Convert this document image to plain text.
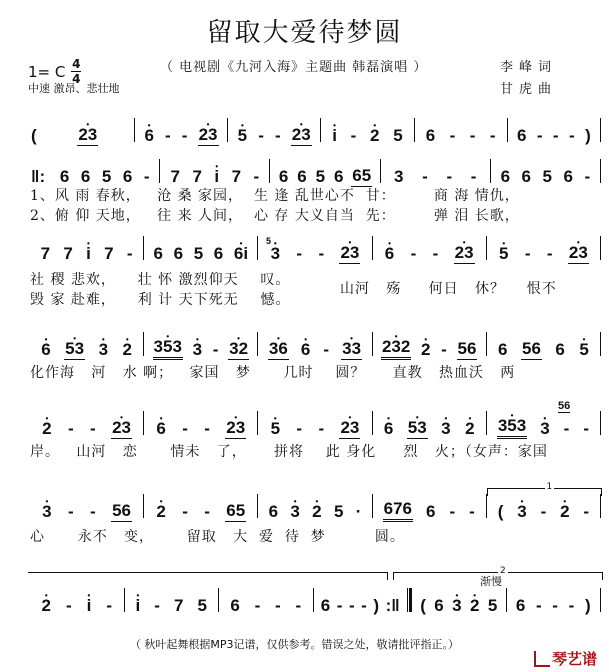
留取大爱待梦圆
1= C $\frac{4}{4}$
中速 激昂、悲壮地
（ 电视剧《九河入海》主题曲 韩磊演唱 ）	李峰词
甘虎曲
( • 23	• 6 - - • 23 • 5 - - • 23 • i - • 2 5 6 - - - 6 - - - )
‖: 6 6 5 6 - 7 7 • i 7 - 6 6 5 6 65 3 - - - 6 6 5 6 -
1、风 雨 春秋，   沧 桑 家园，  生 逢 乱世心不  甘：       商 海 情仇，
2、俯 仰 天地，   往 来 人间，  心 存 大义自当  先：       弹 泪 长歌，
7 7 • i 7 - 6 6 5 6 • 6i • 3 - - • 23 • 6 - - • 23 • 5 - - • 23
5
社 稷 悲欢，    壮 怀 激烈仰天    叹。
毁 家 赴难，    利 计 天下死无    憾。
山河   殇     何日   休？    恨不
• 6 • 53 • 3 • 2 • 353 • 3 - • 32 • 36 • 6 - • 33 • 232 • 2 - 56 6 56 6 • 5
化作海   河   水 啊；   家国   梦      几时    圆？     直教   热血沃   两
• 2 - - • 23 • 6 - - • 23 • 5 - - • 23 • 6 • 53 • 3 • 2 • 353 • 3 - -
56
岸。   山河   恋      情未   了，     拼将    此 身化     烈   火；（女声：家国
1
• 3 - - 56 • 2 - - 65 6 • 3 • 2 5 · 676 6 - - ( • 3 - • 2 -
心      永不   变，      留取   大  爱  待  梦         圆。
2
渐慢
• 2 - • i - • i - 7 5 6 - - - 6 - - - ) :‖ ( 6 • 3 • 2 5 6 - - - )
（ 秋叶起舞根据MP3记谱，仅供参考。错误之处，敬请批评指正。）
琴艺谱
